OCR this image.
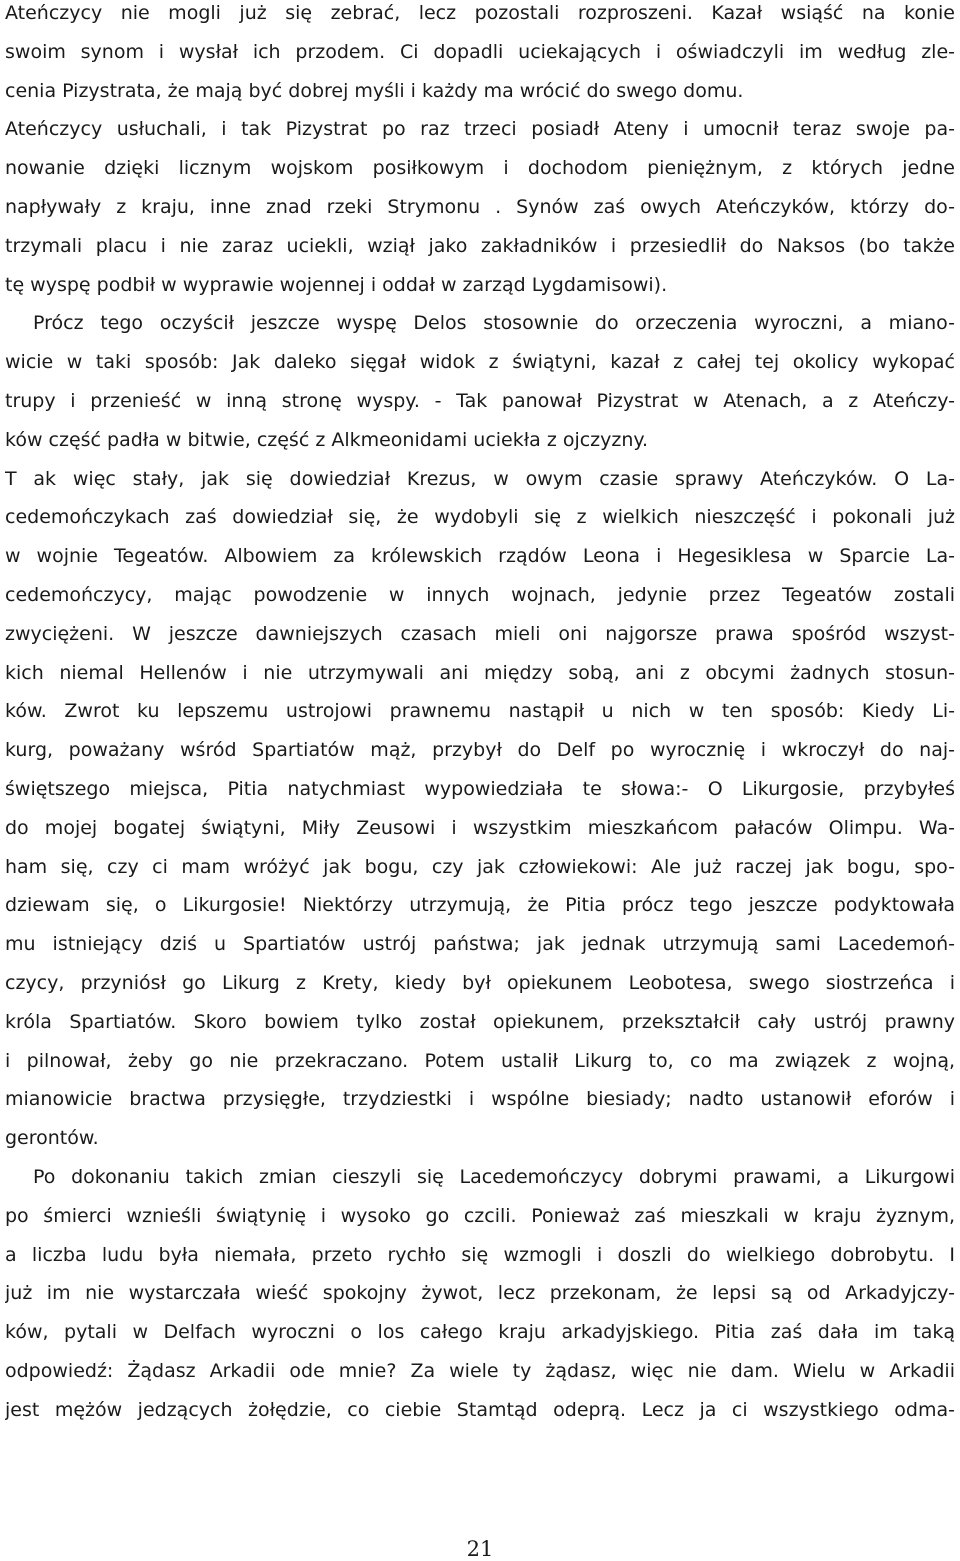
Ateńczycy nie mogli już się zebrać, lecz pozostali rozproszeni. Kazał wsiąść na konie
swoim synom i wysłał ich przodem. Ci dopadli uciekających i oświadczyli im według zle-
cenia Pizystrata, że mają być dobrej myśli i każdy ma wrócić do swego domu.
Ateńczycy usłuchali, i tak Pizystrat po raz trzeci posiadł Ateny i umocnił teraz swoje pa-
nowanie dzięki licznym wojskom posiłkowym i dochodom pieniężnym, z których jedne
napływały z kraju, inne znad rzeki Strymonu . Synów zaś owych Ateńczyków, którzy do-
trzymali placu i nie zaraz uciekli, wziął jako zakładników i przesiedlił do Naksos (bo także
tę wyspę podbił w wyprawie wojennej i oddał w zarząd Lygdamisowi).
Prócz tego oczyścił jeszcze wyspę Delos stosownie do orzeczenia wyroczni, a miano-
wicie w taki sposób: Jak daleko sięgał widok z świątyni, kazał z całej tej okolicy wykopać
trupy i przenieść w inną stronę wyspy. - Tak panował Pizystrat w Atenach, a z Ateńczy-
ków część padła w bitwie, część z Alkmeonidami uciekła z ojczyzny.
T ak więc stały, jak się dowiedział Krezus, w owym czasie sprawy Ateńczyków. O La-
cedemończykach zaś dowiedział się, że wydobyli się z wielkich nieszczęść i pokonali już
w wojnie Tegeatów. Albowiem za królewskich rządów Leona i Hegesiklesa w Sparcie La-
cedemończycy, mając powodzenie w innych wojnach, jedynie przez Tegeatów zostali
zwyciężeni. W jeszcze dawniejszych czasach mieli oni najgorsze prawa spośród wszyst-
kich niemal Hellenów i nie utrzymywali ani między sobą, ani z obcymi żadnych stosun-
ków. Zwrot ku lepszemu ustrojowi prawnemu nastąpił u nich w ten sposób: Kiedy Li-
kurg, poważany wśród Spartiatów mąż, przybył do Delf po wyrocznię i wkroczył do naj-
świętszego miejsca, Pitia natychmiast wypowiedziała te słowa:- O Likurgosie, przybyłeś
do mojej bogatej świątyni, Miły Zeusowi i wszystkim mieszkańcom pałaców Olimpu. Wa-
ham się, czy ci mam wróżyć jak bogu, czy jak człowiekowi: Ale już raczej jak bogu, spo-
dziewam się, o Likurgosie! Niektórzy utrzymują, że Pitia prócz tego jeszcze podyktowała
mu istniejący dziś u Spartiatów ustrój państwa; jak jednak utrzymują sami Lacedemoń-
czycy, przyniósł go Likurg z Krety, kiedy był opiekunem Leobotesa, swego siostrzeńca i
króla Spartiatów. Skoro bowiem tylko został opiekunem, przekształcił cały ustrój prawny
i pilnował, żeby go nie przekraczano. Potem ustalił Likurg to, co ma związek z wojną,
mianowicie bractwa przysięgłe, trzydziestki i wspólne biesiady; nadto ustanowił eforów i
gerontów.
Po dokonaniu takich zmian cieszyli się Lacedemończycy dobrymi prawami, a Likurgowi
po śmierci wznieśli świątynię i wysoko go czcili. Ponieważ zaś mieszkali w kraju żyznym,
a liczba ludu była niemała, przeto rychło się wzmogli i doszli do wielkiego dobrobytu. I
już im nie wystarczała wieść spokojny żywot, lecz przekonam, że lepsi są od Arkadyjczy-
ków, pytali w Delfach wyroczni o los całego kraju arkadyjskiego. Pitia zaś dała im taką
odpowiedź: Żądasz Arkadii ode mnie? Za wiele ty żądasz, więc nie dam. Wielu w Arkadii
jest mężów jedzących żołędzie, co ciebie Stamtąd odeprą. Lecz ja ci wszystkiego odma-
21
